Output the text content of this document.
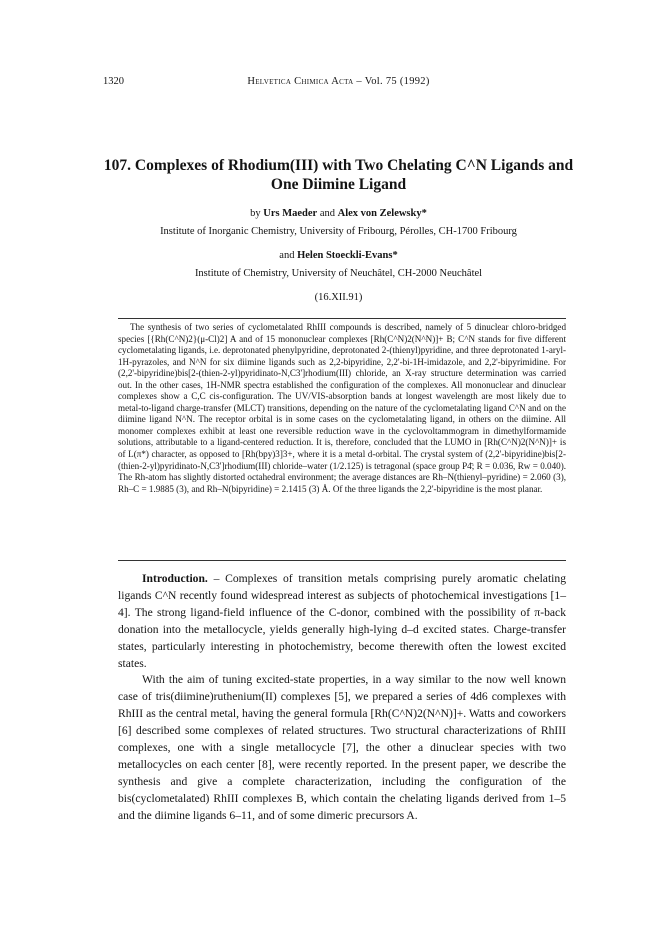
1320	Helvetica Chimica Acta – Vol. 75 (1992)
107. Complexes of Rhodium(III) with Two Chelating C^N Ligands and One Diimine Ligand
by Urs Maeder and Alex von Zelewsky*
Institute of Inorganic Chemistry, University of Fribourg, Pérolles, CH-1700 Fribourg
and Helen Stoeckli-Evans*
Institute of Chemistry, University of Neuchâtel, CH-2000 Neuchâtel
(16.XII.91)

The synthesis of two series of cyclometalated RhIII compounds is described, namely of 5 dinuclear chloro-bridged species [{Rh(C^N)2}(μ-Cl)2] A and of 15 mononuclear complexes [Rh(C^N)2(N^N)]+ B; C^N stands for five different cyclometalating ligands, i.e. deprotonated phenylpyridine, deprotonated 2-(thienyl)pyridine, and three deprotonated 1-aryl-1H-pyrazoles, and N^N for six diimine ligands such as 2,2-bipyridine, 2,2'-bi-1H-imidazole, and 2,2'-bipyrimidine. For (2,2'-bipyridine)bis[2-(thien-2-yl)pyridinato-N,C3']rhodium(III) chloride, an X-ray structure determination was carried out. In the other cases, 1H-NMR spectra established the configuration of the complexes. All mononuclear and dinuclear complexes show a C,C cis-configuration. The UV/VIS-absorption bands at longest wavelength are most likely due to metal-to-ligand charge-transfer (MLCT) transitions, depending on the nature of the cyclometalating ligand C^N and on the diimine ligand N^N. The receptor orbital is in some cases on the cyclometalating ligand, in others on the diimine. All monomer complexes exhibit at least one reversible reduction wave in the cyclovoltammogram in dimethylformamide solutions, attributable to a ligand-centered reduction. It is, therefore, concluded that the LUMO in [Rh(C^N)2(N^N)]+ is of L(π*) character, as opposed to [Rh(bpy)3]3+, where it is a metal d-orbital. The crystal system of (2,2'-bipyridine)bis[2-(thien-2-yl)pyridinato-N,C3']rhodium(III) chloride–water (1/2.125) is tetragonal (space group P4̄; R = 0.036, Rw = 0.040). The Rh-atom has slightly distorted octahedral environment; the average distances are Rh–N(thienyl–pyridine) = 2.060 (3), Rh–C = 1.9885 (3), and Rh–N(bipyridine) = 2.1415 (3) Å. Of the three ligands the 2,2'-bipyridine is the most planar.

Introduction. – Complexes of transition metals comprising purely aromatic chelating ligands C^N recently found widespread interest as subjects of photochemical investigations [1–4]. The strong ligand-field influence of the C-donor, combined with the possibility of π-back donation into the metallocycle, yields generally high-lying d–d excited states. Charge-transfer states, particularly interesting in photochemistry, become therewith often the lowest excited states.

With the aim of tuning excited-state properties, in a way similar to the now well known case of tris(diimine)ruthenium(II) complexes [5], we prepared a series of 4d6 complexes with RhIII as the central metal, having the general formula [Rh(C^N)2(N^N)]+. Watts and coworkers [6] described some complexes of related structures. Two structural characterizations of RhIII complexes, one with a single metallocycle [7], the other a dinuclear species with two metallocycles on each center [8], were recently reported. In the present paper, we describe the synthesis and give a complete characterization, including the configuration of the bis(cyclometalated) RhIII complexes B, which contain the chelating ligands derived from 1–5 and the diimine ligands 6–11, and of some dimeric precursors A.
